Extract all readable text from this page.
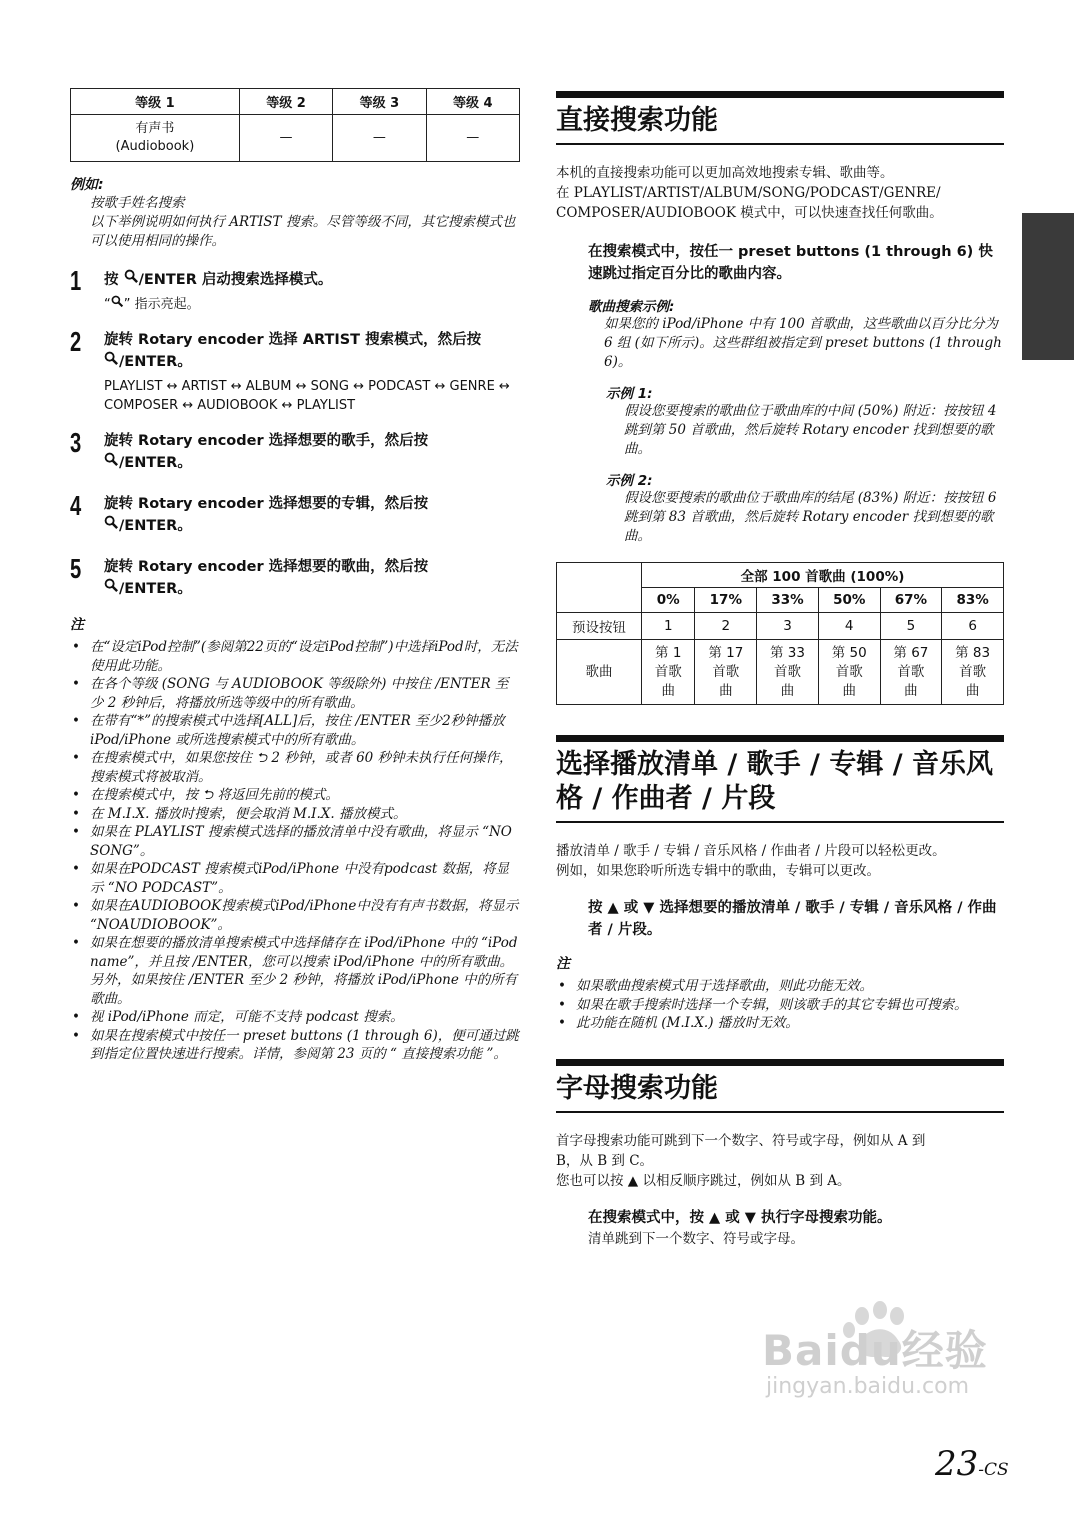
等级 1	等级 2	等级 3	等级 4
有声书
(Audiobook)	—	—	—
例如:
按歌手姓名搜索
以下举例说明如何执行 ARTIST 搜索。尽管等级不同，其它搜索模式也可以使用相同的操作。
1 按 /ENTER 启动搜索选择模式。
“ ” 指示亮起。
2 旋转 Rotary encoder 选择 ARTIST 搜索模式，然后按
/ENTER。
PLAYLIST ↔ ARTIST ↔ ALBUM ↔ SONG ↔ PODCAST ↔ GENRE ↔ COMPOSER ↔ AUDIOBOOK ↔ PLAYLIST
3 旋转 Rotary encoder 选择想要的歌手，然后按
/ENTER。
4 旋转 Rotary encoder 选择想要的专辑，然后按
/ENTER。
5 旋转 Rotary encoder 选择想要的歌曲，然后按
/ENTER。
注
• 在“设定iPod控制”(参阅第22页的“设定iPod控制”)中选择iPod时，无法使用此功能。
• 在各个等级 (SONG 与 AUDIOBOOK 等级除外) 中按住 /ENTER 至少 2 秒钟后，将播放所选等级中的所有歌曲。
• 在带有“*”的搜索模式中选择[ALL]后，按住 /ENTER 至少2秒钟播放 iPod/iPhone 或所选搜索模式中的所有歌曲。
• 在搜索模式中，如果您按住 ⮌ 2 秒钟，或者 60 秒钟未执行任何操作，搜索模式将被取消。
• 在搜索模式中，按 ⮌ 将返回先前的模式。
• 在 M.I.X. 播放时搜索，便会取消 M.I.X. 播放模式。
• 如果在 PLAYLIST 搜索模式选择的播放清单中没有歌曲，将显示 “NO SONG”。
• 如果在PODCAST 搜索模式iPod/iPhone 中没有podcast 数据，将显示 “NO PODCAST”。
• 如果在AUDIOBOOK搜索模式iPod/iPhone中没有有声书数据，将显示 “NOAUDIOBOOK”。
• 如果在想要的播放清单搜索模式中选择储存在 iPod/iPhone 中的 “iPod name”，并且按 /ENTER，您可以搜索 iPod/iPhone 中的所有歌曲。另外，如果按住 /ENTER 至少 2 秒钟，将播放 iPod/iPhone 中的所有歌曲。
• 视 iPod/iPhone 而定，可能不支持 podcast 搜索。
• 如果在搜索模式中按任一 preset buttons (1 through 6)，便可通过跳到指定位置快速进行搜索。详情，参阅第 23 页的 “ 直接搜索功能 ”。
直接搜索功能
本机的直接搜索功能可以更加高效地搜索专辑、歌曲等。
在 PLAYLIST/ARTIST/ALBUM/SONG/PODCAST/GENRE/
COMPOSER/AUDIOBOOK 模式中，可以快速查找任何歌曲。
在搜索模式中，按任一 preset buttons (1 through 6) 快速跳过指定百分比的歌曲内容。
歌曲搜索示例:
如果您的 iPod/iPhone 中有 100 首歌曲，这些歌曲以百分比分为 6 组 (如下所示)。这些群组被指定到 preset buttons (1 through 6)。
示例 1:
假设您要搜索的歌曲位于歌曲库的中间 (50%) 附近：按按钮 4 跳到第 50 首歌曲，然后旋转 Rotary encoder 找到想要的歌曲。
示例 2:
假设您要搜索的歌曲位于歌曲库的结尾 (83%) 附近：按按钮 6 跳到第 83 首歌曲，然后旋转 Rotary encoder 找到想要的歌曲。
	全部 100 首歌曲 (100%)					
	0%	17%	33%	50%	67%	83%
预设按钮	1	2	3	4	5	6
歌曲	第 1 首歌曲	第 17 首歌曲	第 33 首歌曲	第 50 首歌曲	第 67 首歌曲	第 83 首歌曲
选择播放清单 / 歌手 / 专辑 / 音乐风格 / 作曲者 / 片段
播放清单 / 歌手 / 专辑 / 音乐风格 / 作曲者 / 片段可以轻松更改。
例如，如果您聆听所选专辑中的歌曲，专辑可以更改。
按 ▲ 或 ▼ 选择想要的播放清单 / 歌手 / 专辑 / 音乐风格 / 作曲者 / 片段。
注
• 如果歌曲搜索模式用于选择歌曲，则此功能无效。
• 如果在歌手搜索时选择一个专辑，则该歌手的其它专辑也可搜索。
• 此功能在随机 (M.I.X.) 播放时无效。
字母搜索功能
首字母搜索功能可跳到下一个数字、符号或字母，例如从 A 到
B，从 B 到 C。
您也可以按 ▲ 以相反顺序跳过，例如从 B 到 A。
在搜索模式中，按 ▲ 或 ▼ 执行字母搜索功能。
清单跳到下一个数字、符号或字母。
Baidu经验
jingyan.baidu.com
23-CS
